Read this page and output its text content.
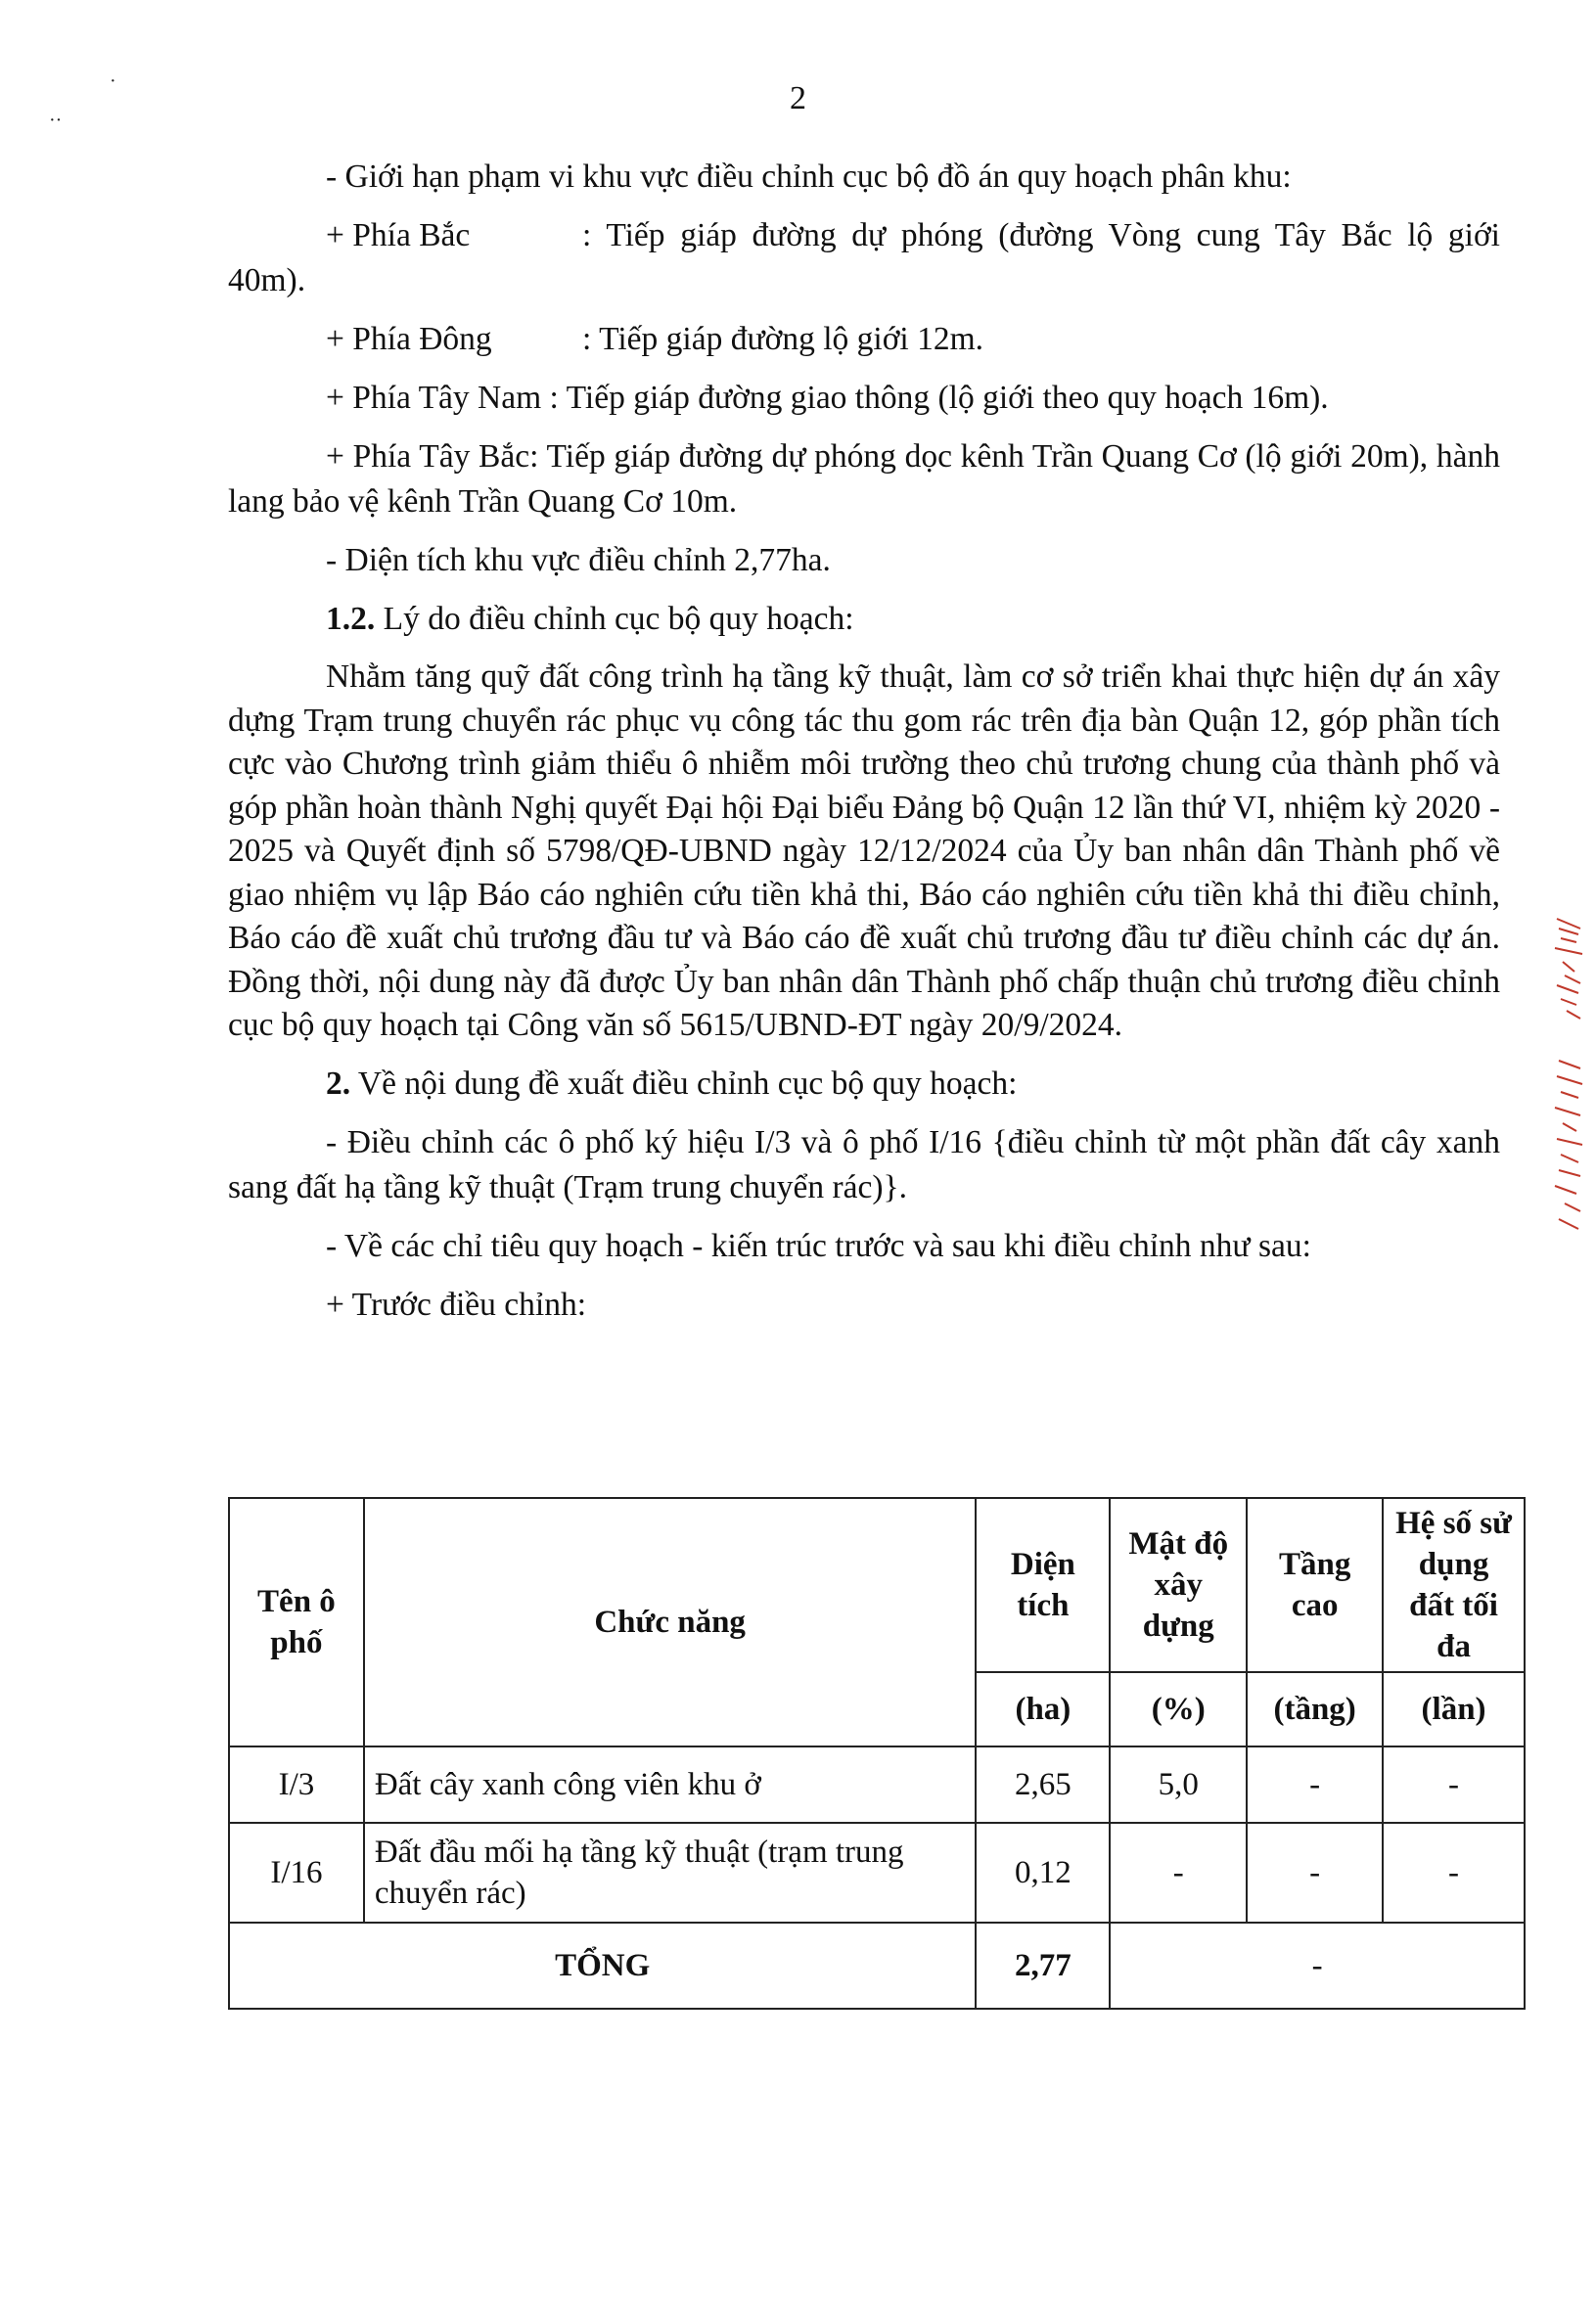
·
··
2

- Giới hạn phạm vi khu vực điều chỉnh cục bộ đồ án quy hoạch phân khu:

+ Phía Bắc	: Tiếp giáp đường dự phóng (đường Vòng cung Tây Bắc lộ giới 40m).

+ Phía Đông	: Tiếp giáp đường lộ giới 12m.

+ Phía Tây Nam : Tiếp giáp đường giao thông (lộ giới theo quy hoạch 16m).

+ Phía Tây Bắc: Tiếp giáp đường dự phóng dọc kênh Trần Quang Cơ (lộ giới 20m), hành lang bảo vệ kênh Trần Quang Cơ 10m.

- Diện tích khu vực điều chỉnh 2,77ha.

1.2. Lý do điều chỉnh cục bộ quy hoạch:

Nhằm tăng quỹ đất công trình hạ tầng kỹ thuật, làm cơ sở triển khai thực hiện dự án xây dựng Trạm trung chuyển rác phục vụ công tác thu gom rác trên địa bàn Quận 12, góp phần tích cực vào Chương trình giảm thiểu ô nhiễm môi trường theo chủ trương chung của thành phố và góp phần hoàn thành Nghị quyết Đại hội Đại biểu Đảng bộ Quận 12 lần thứ VI, nhiệm kỳ 2020 - 2025 và Quyết định số 5798/QĐ-UBND ngày 12/12/2024 của Ủy ban nhân dân Thành phố về giao nhiệm vụ lập Báo cáo nghiên cứu tiền khả thi, Báo cáo nghiên cứu tiền khả thi điều chỉnh, Báo cáo đề xuất chủ trương đầu tư và Báo cáo đề xuất chủ trương đầu tư điều chỉnh các dự án. Đồng thời, nội dung này đã được Ủy ban nhân dân Thành phố chấp thuận chủ trương điều chỉnh cục bộ quy hoạch tại Công văn số 5615/UBND-ĐT ngày 20/9/2024.

2. Về nội dung đề xuất điều chỉnh cục bộ quy hoạch:

- Điều chỉnh các ô phố ký hiệu I/3 và ô phố I/16 {điều chỉnh từ một phần đất cây xanh sang đất hạ tầng kỹ thuật (Trạm trung chuyển rác)}.

- Về các chỉ tiêu quy hoạch - kiến trúc trước và sau khi điều chỉnh như sau:

+ Trước điều chỉnh:

Tên ô phố	Chức năng	Diện tích	Mật độ xây dựng	Tầng cao	Hệ số sử dụng đất tối đa
		(ha)	(%)	(tầng)	(lần)
I/3	Đất cây xanh công viên khu ở	2,65	5,0	-	-
I/16	Đất đầu mối hạ tầng kỹ thuật (trạm trung chuyển rác)	0,12	-	-	-
TỔNG		2,77	-		
